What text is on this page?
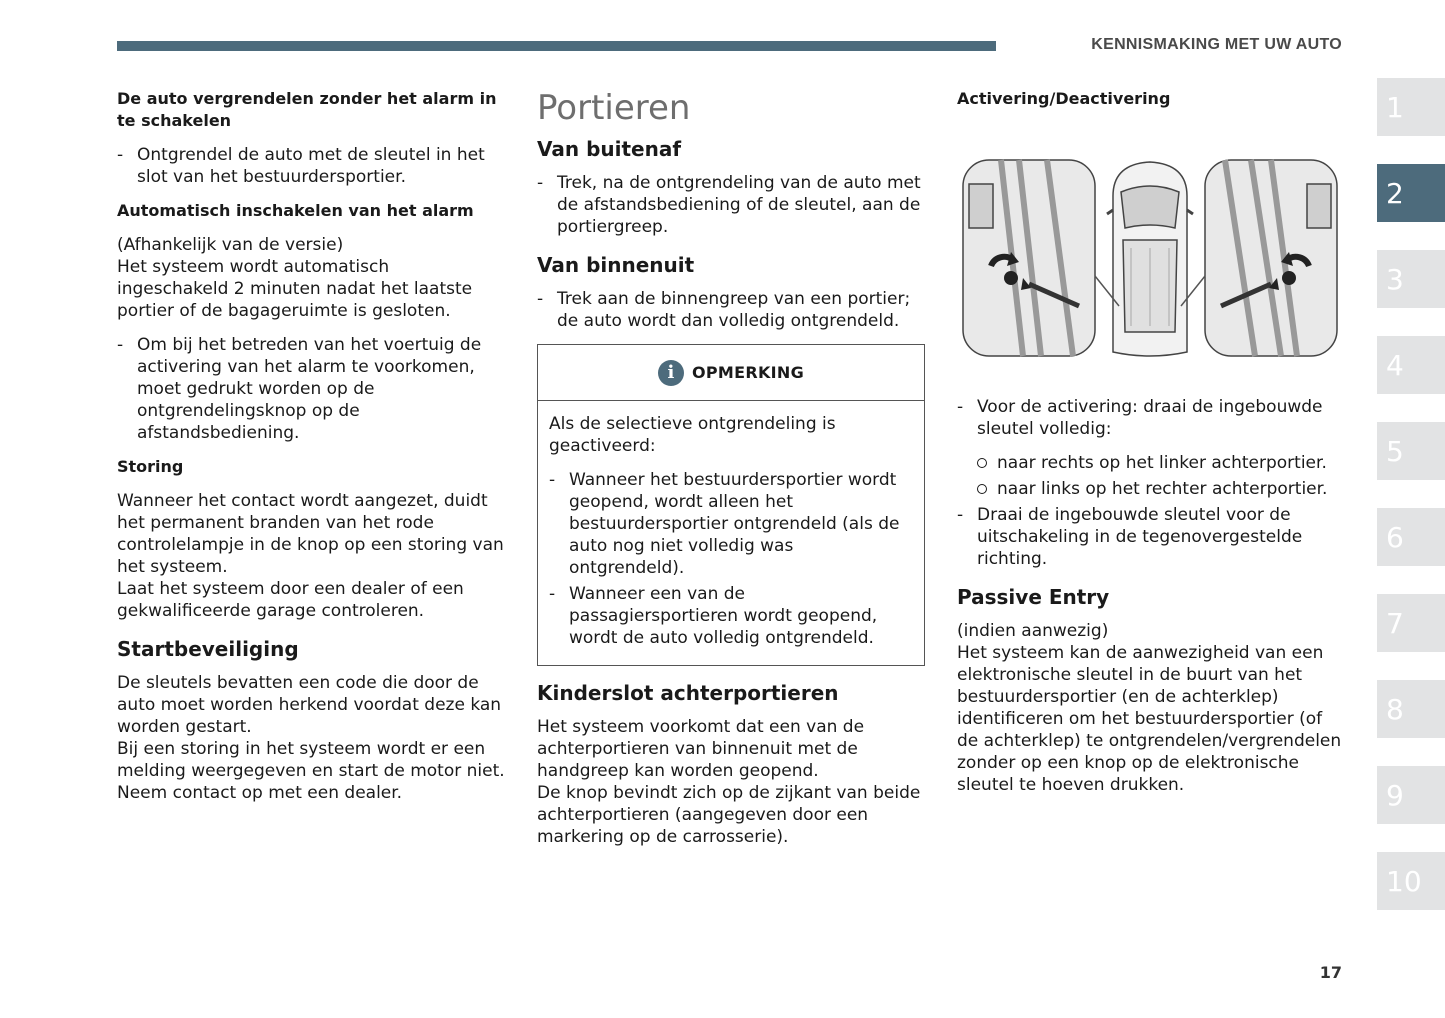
KENNISMAKING MET UW AUTO
De auto vergrendelen zonder het alarm in te schakelen
- Ontgrendel de auto met de sleutel in het slot van het bestuurdersportier.
Automatisch inschakelen van het alarm

(Afhankelijk van de versie)
Het systeem wordt automatisch ingeschakeld 2 minuten nadat het laatste portier of de bagageruimte is gesloten.

- Om bij het betreden van het voertuig de activering van het alarm te voorkomen, moet gedrukt worden op de ontgrendelingsknop op de afstandsbediening.
Storing

Wanneer het contact wordt aangezet, duidt het permanent branden van het rode controlelampje in de knop op een storing van het systeem.
Laat het systeem door een dealer of een gekwalificeerde garage controleren.

Startbeveiliging

De sleutels bevatten een code die door de auto moet worden herkend voordat deze kan worden gestart.
Bij een storing in het systeem wordt er een melding weergegeven en start de motor niet. Neem contact op met een dealer.

Portieren
Van buitenaf
- Trek, na de ontgrendeling van de auto met de afstandsbediening of de sleutel, aan de portiergreep.
Van binnenuit
- Trek aan de binnengreep van een portier; de auto wordt dan volledig ontgrendeld.
i	OPMERKING

Als de selectieve ontgrendeling is geactiveerd:

- Wanneer het bestuurdersportier wordt geopend, wordt alleen het bestuurdersportier ontgrendeld (als de auto nog niet volledig was ontgrendeld).
- Wanneer een van de passagiersportieren wordt geopend, wordt de auto volledig ontgrendeld.
Kinderslot achterportieren

Het systeem voorkomt dat een van de achterportieren van binnenuit met de handgreep kan worden geopend.
De knop bevindt zich op de zijkant van beide achterportieren (aangegeven door een markering op de carrosserie).

Activering/Deactivering
- Voor de activering: draai de ingebouwde sleutel volledig:
naar rechts op het linker achterportier.
naar links op het rechter achterportier.
- Draai de ingebouwde sleutel voor de uitschakeling in de tegenovergestelde richting.
Passive Entry

(indien aanwezig)
Het systeem kan de aanwezigheid van een elektronische sleutel in de buurt van het bestuurdersportier (en de achterklep) identificeren om het bestuurdersportier (of de achterklep) te ontgrendelen/vergrendelen zonder op een knop op de elektronische sleutel te hoeven drukken.

1
2
3
4
5
6
7
8
9
10
17
